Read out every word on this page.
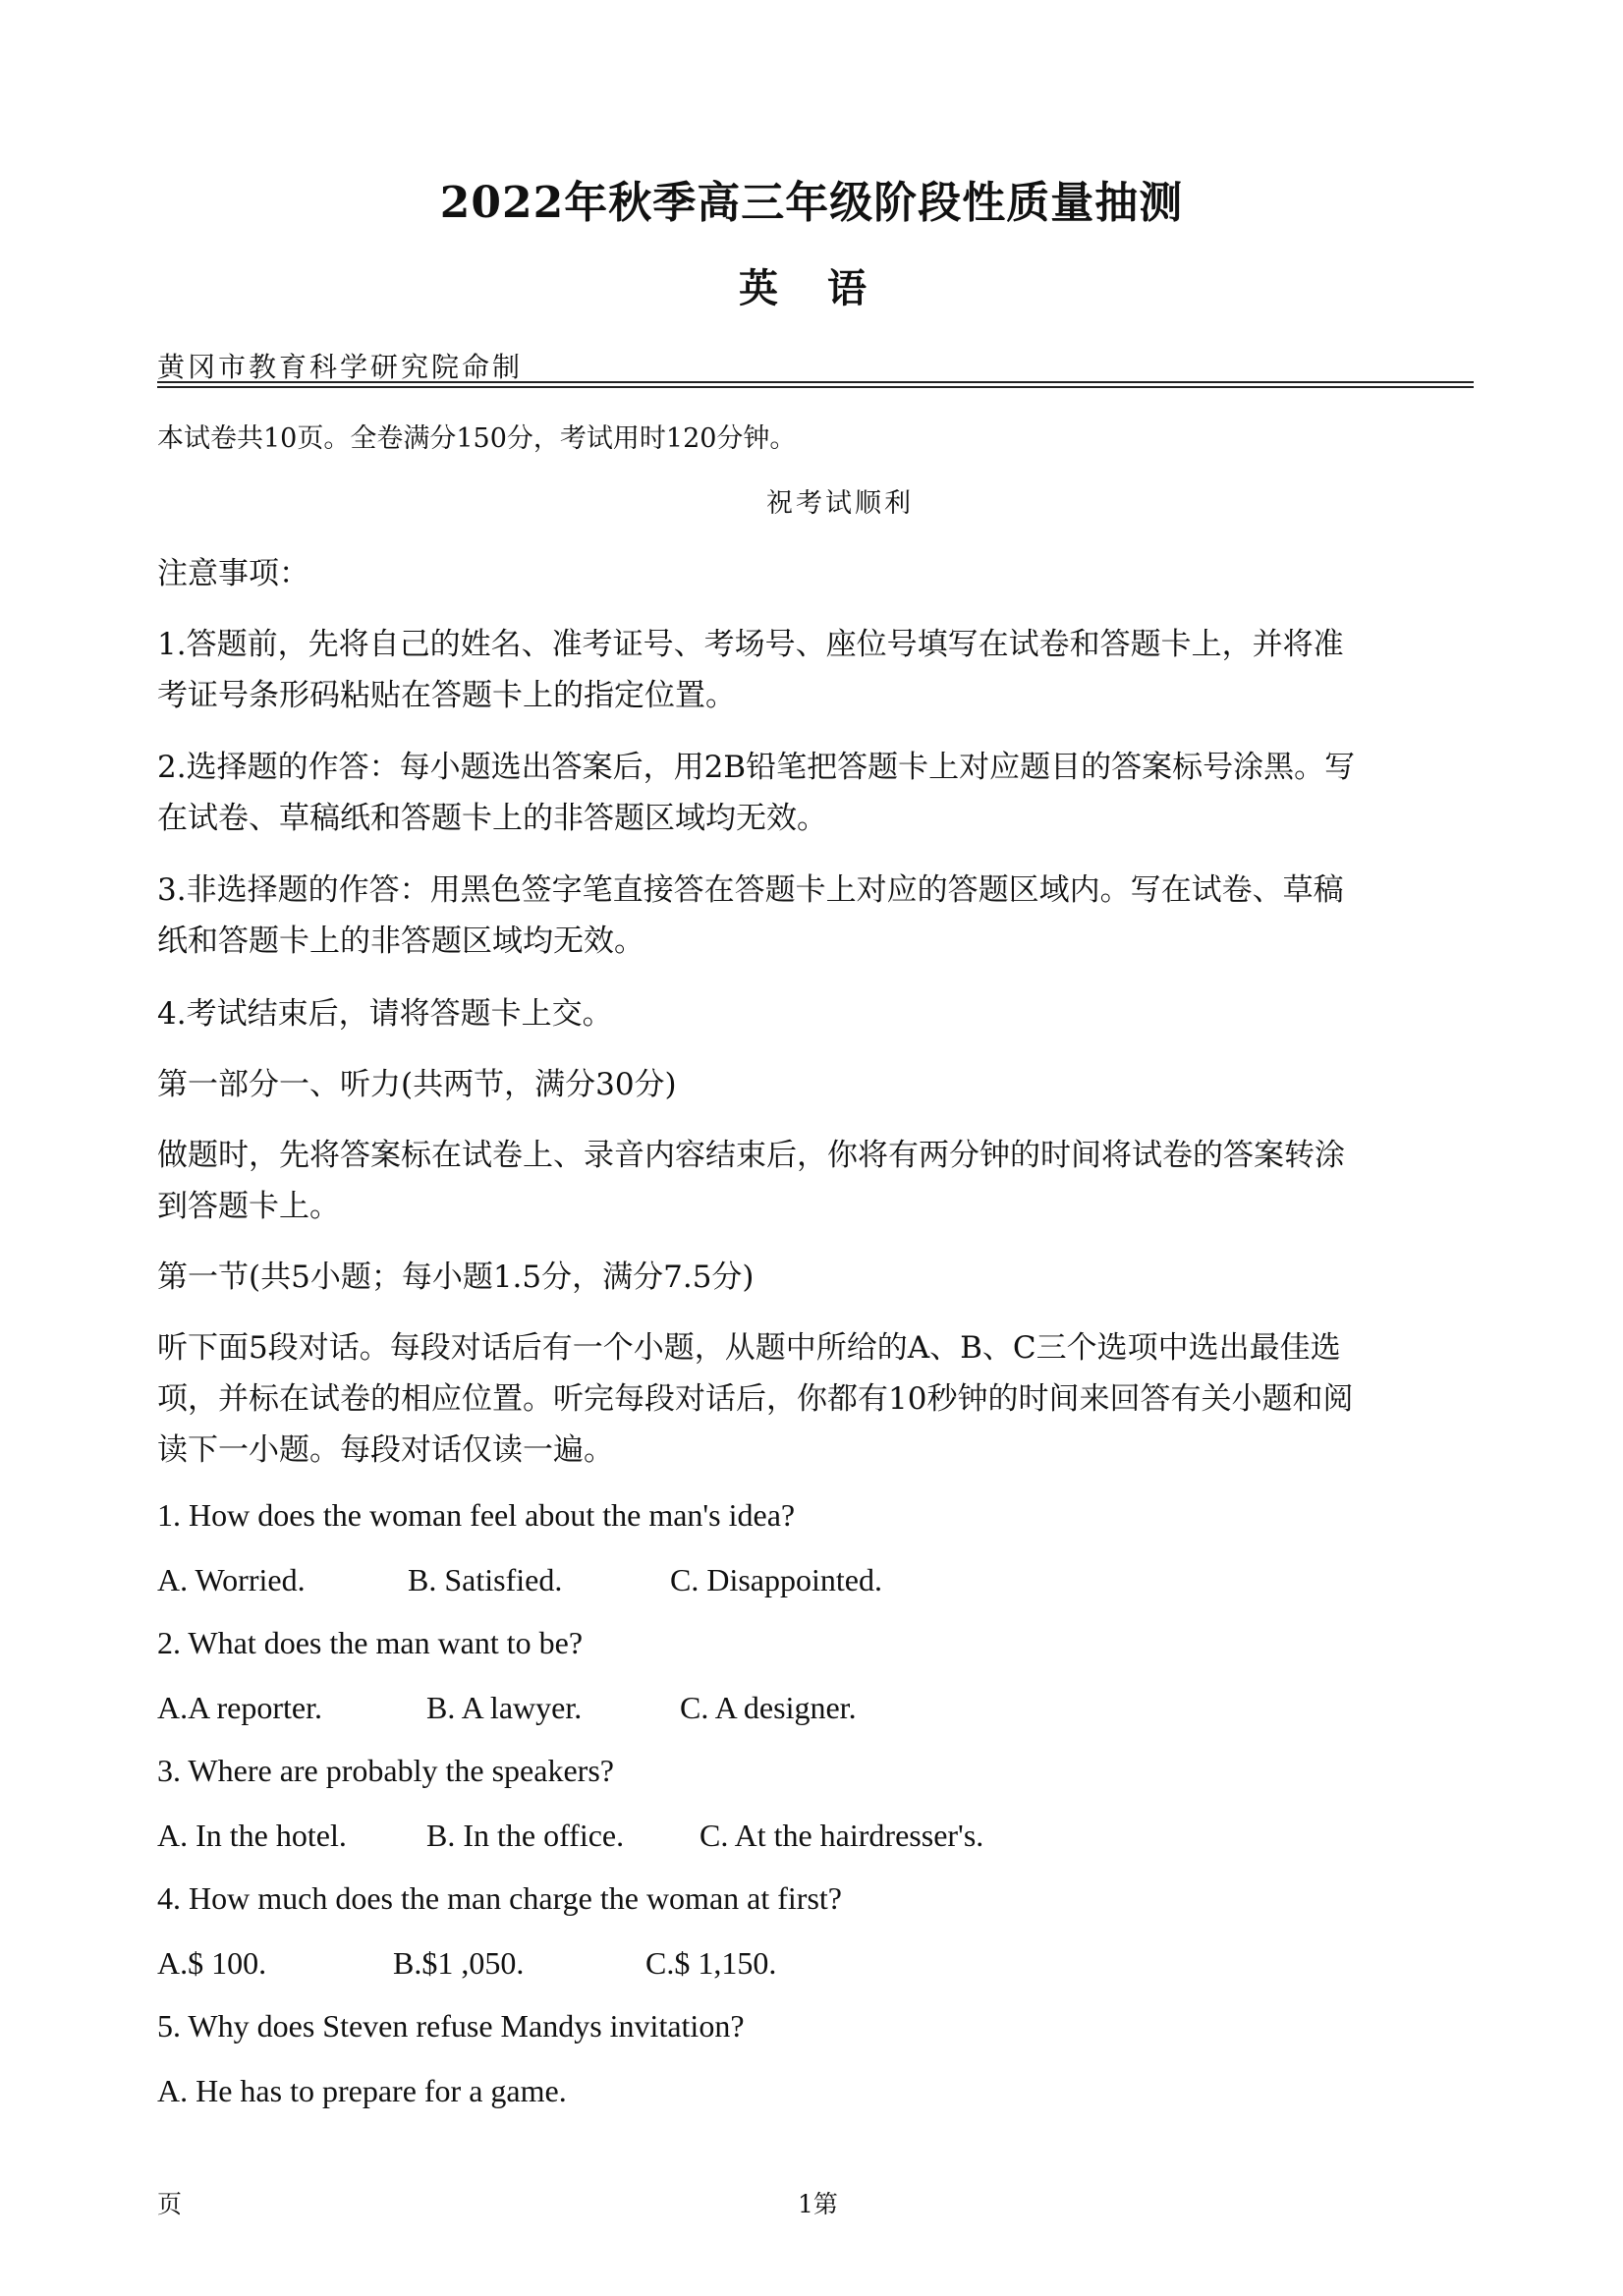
2022年秋季高三年级阶段性质量抽测
英 语
黄冈市教育科学研究院命制
本试卷共10页。全卷满分150分，考试用时120分钟。
祝考试顺利
注意事项：
1.答题前，先将自己的姓名、准考证号、考场号、座位号填写在试卷和答题卡上，并将准
考证号条形码粘贴在答题卡上的指定位置。
2.选择题的作答：每小题选出答案后，用2B铅笔把答题卡上对应题目的答案标号涂黑。写
在试卷、草稿纸和答题卡上的非答题区域均无效。
3.非选择题的作答：用黑色签字笔直接答在答题卡上对应的答题区域内。写在试卷、草稿
纸和答题卡上的非答题区域均无效。
4.考试结束后，请将答题卡上交。
第一部分一、听力(共两节，满分30分)
做题时，先将答案标在试卷上、录音内容结束后，你将有两分钟的时间将试卷的答案转涂
到答题卡上。
第一节(共5小题；每小题1.5分，满分7.5分)
听下面5段对话。每段对话后有一个小题，从题中所给的A、B、C三个选项中选出最佳选
项，并标在试卷的相应位置。听完每段对话后，你都有10秒钟的时间来回答有关小题和阅
读下一小题。每段对话仅读一遍。
1. How does the woman feel about the man's idea?
A. Worried.	B. Satisfied.	C. Disappointed.
2. What does the man want to be?
A.A reporter.	B. A lawyer.	C. A designer.
3. Where are probably the speakers?
A. In the hotel.	B. In the office. C. At the hairdresser's.
4. How much does the man charge the woman at first?
A.$ 100.	B.$1 ,050.	C.$ 1,150.
5. Why does Steven refuse Mandys invitation?
A. He has to prepare for a game.
页	1第
